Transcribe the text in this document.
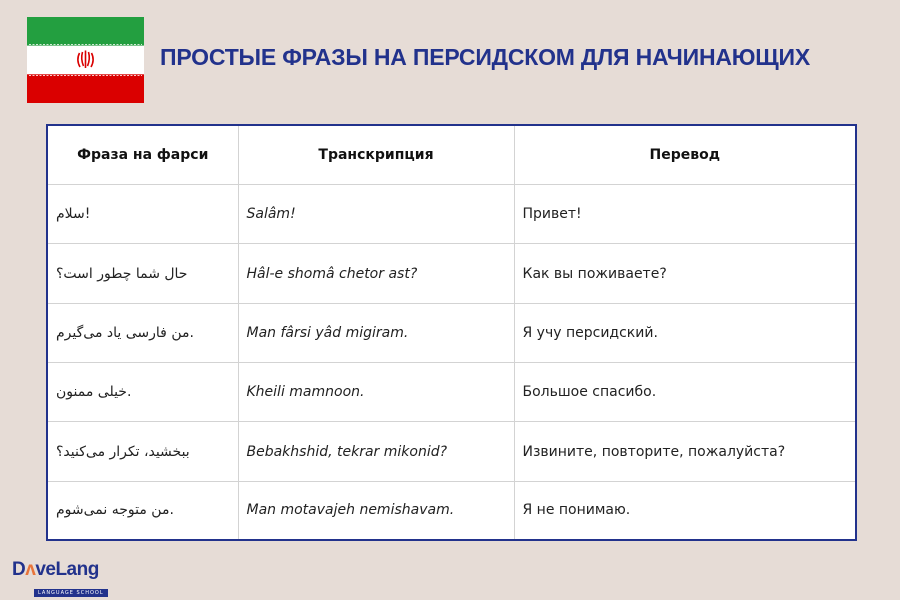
ПРОСТЫЕ ФРАЗЫ НА ПЕРСИДСКОМ ДЛЯ НАЧИНАЮЩИХ
Фраза на фарси	Транскрипция	Перевод
سلام!	Salâm!	Привет!
حال شما چطور است؟	Hâl-e shomâ chetor ast?	Как вы поживаете?
من فارسی یاد می‌گیرم.	Man fârsi yâd migiram.	Я учу персидский.
خیلی ممنون.	Kheili mamnoon.	Большое спасибо.
ببخشید، تکرار می‌کنید؟	Bebakhshid, tekrar mikonid?	Извините, повторите, пожалуйста?
من متوجه نمی‌شوم.	Man motavajeh nemishavam.	Я не понимаю.
DʌveLang
LANGUAGE SCHOOL
